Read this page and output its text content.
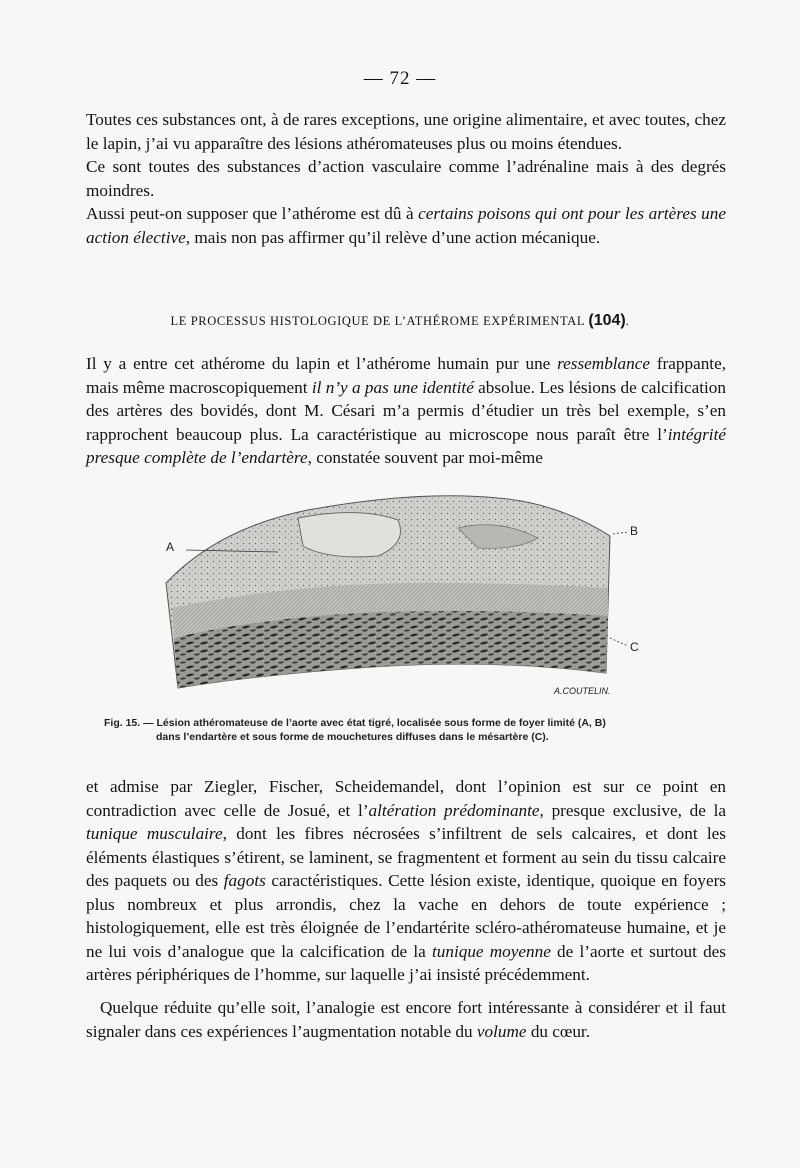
— 72 —

Toutes ces substances ont, à de rares exceptions, une origine alimentaire, et avec toutes, chez le lapin, j’ai vu apparaître des lésions athéromateuses plus ou moins étendues.

Ce sont toutes des substances d’action vasculaire comme l’adrénaline mais à des degrés moindres.

Aussi peut-on supposer que l’athérome est dû à certains poisons qui ont pour les artères une action élective, mais non pas affirmer qu’il relève d’une action mécanique.

LE PROCESSUS HISTOLOGIQUE DE L’ATHÉROME EXPÉRIMENTAL (104).

Il y a entre cet athérome du lapin et l’athérome humain pur une ressemblance frappante, mais même macroscopiquement il n’y a pas une identité absolue. Les lésions de calcification des artères des bovidés, dont M. Césari m’a permis d’étudier un très bel exemple, s’en rapprochent beaucoup plus. La caractéristique au microscope nous paraît être l’intégrité presque complète de l’endartère, constatée souvent par moi-même

A
B
C
A.COUTELIN.
Fig. 15. — Lésion athéromateuse de l’aorte avec état tigré, localisée sous forme de foyer limité (A, B)
dans l’endartère et sous forme de mouchetures diffuses dans le mésartère (C).

et admise par Ziegler, Fischer, Scheidemandel, dont l’opinion est sur ce point en contradiction avec celle de Josué, et l’altération prédominante, presque exclusive, de la tunique musculaire, dont les fibres nécrosées s’infiltrent de sels calcaires, et dont les éléments élastiques s’étirent, se laminent, se fragmentent et forment au sein du tissu calcaire des paquets ou des fagots caractéristiques. Cette lésion existe, identique, quoique en foyers plus nombreux et plus arrondis, chez la vache en dehors de toute expérience ; histologiquement, elle est très éloignée de l’endartérite scléro-athéromateuse humaine, et je ne lui vois d’analogue que la calcification de la tunique moyenne de l’aorte et surtout des artères périphériques de l’homme, sur laquelle j’ai insisté précédemment.

Quelque réduite qu’elle soit, l’analogie est encore fort intéressante à considérer et il faut signaler dans ces expériences l’augmentation notable du volume du cœur.
